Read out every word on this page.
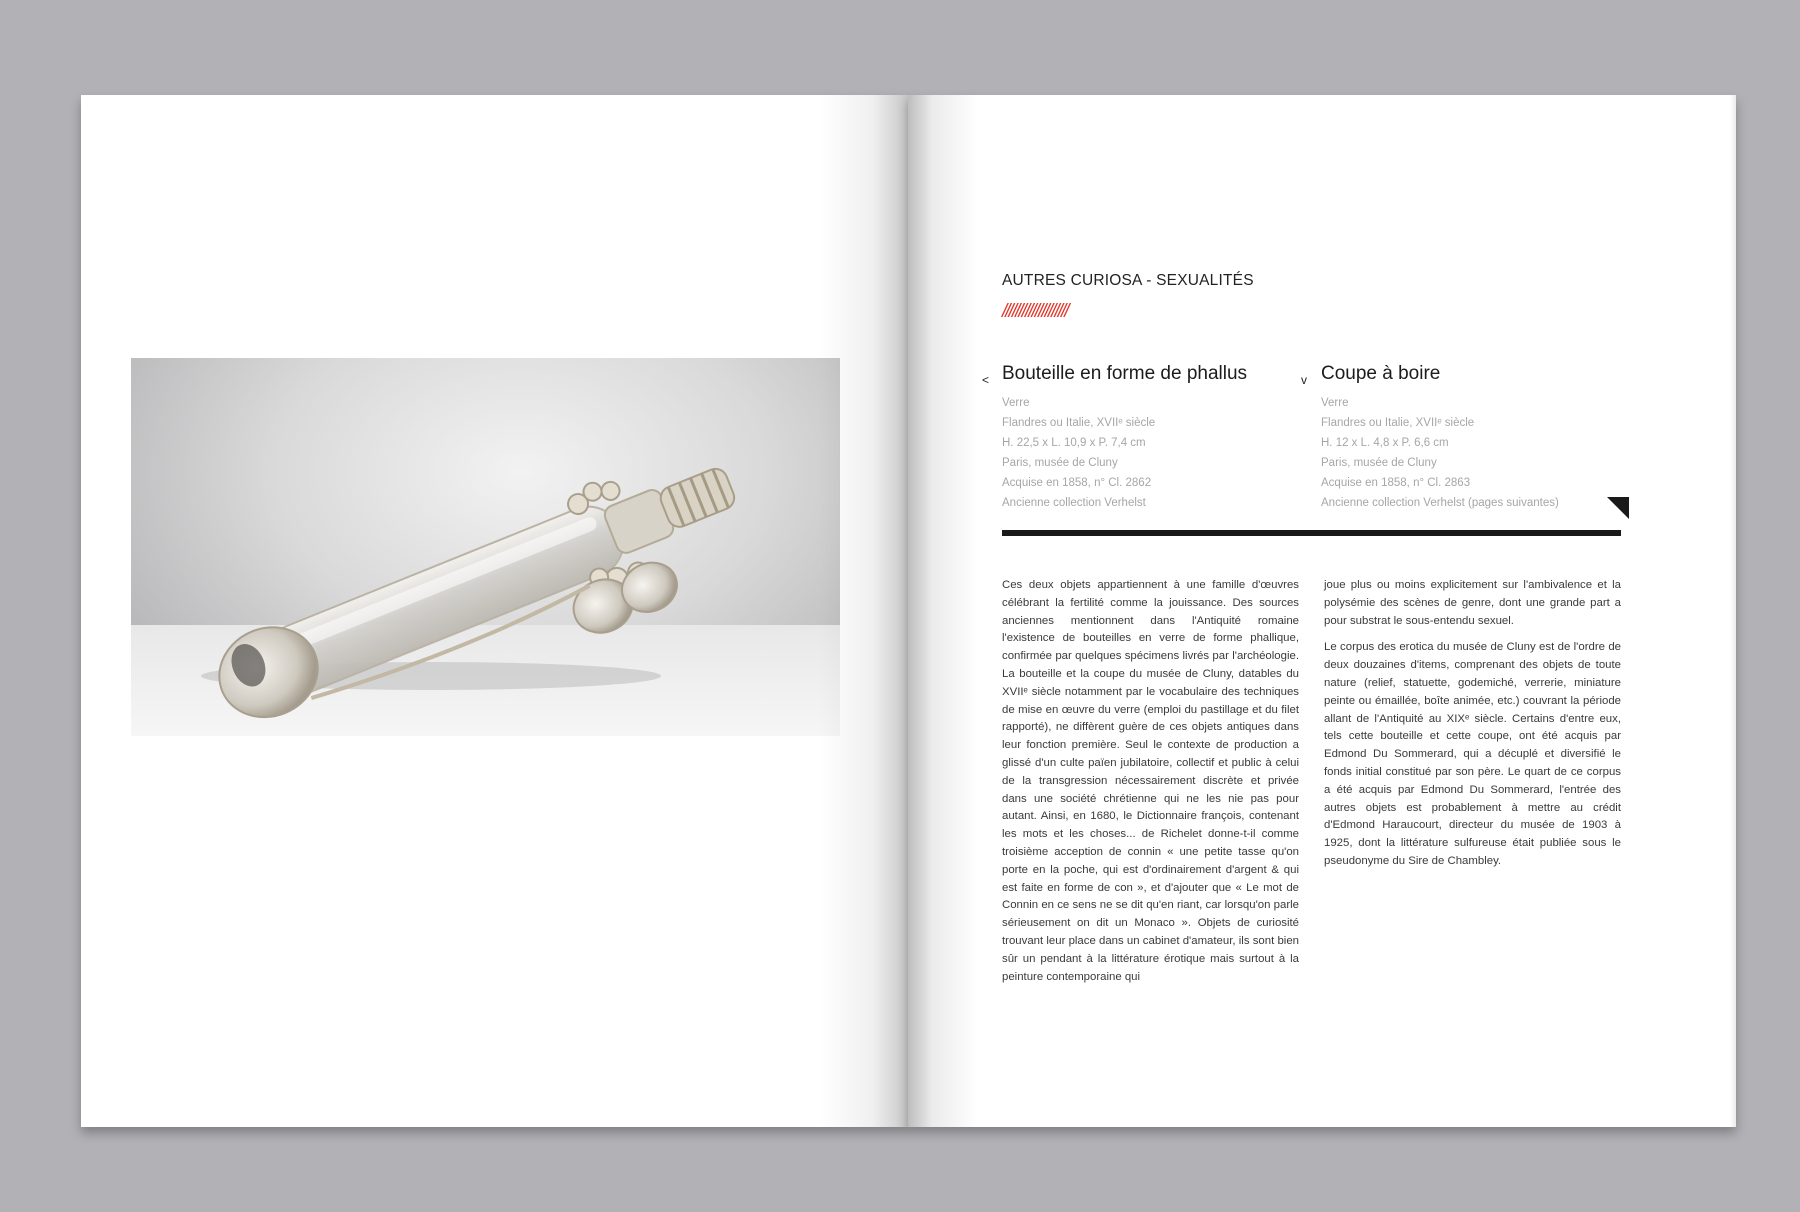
AUTRES CURIOSA - SEXUALITÉS
////////////////////
< Bouteille en forme de phallus
Verre
Flandres ou Italie, XVIIᵉ siècle
H. 22,5 x L. 10,9 x P. 7,4 cm
Paris, musée de Cluny
Acquise en 1858, n° Cl. 2862
Ancienne collection Verhelst
v Coupe à boire
Verre
Flandres ou Italie, XVIIᵉ siècle
H. 12 x L. 4,8 x P. 6,6 cm
Paris, musée de Cluny
Acquise en 1858, n° Cl. 2863
Ancienne collection Verhelst (pages suivantes)

Ces deux objets appartiennent à une famille d'œuvres célébrant la fertilité comme la jouissance. Des sources anciennes mentionnent dans l'Antiquité romaine l'existence de bouteilles en verre de forme phallique, confirmée par quelques spécimens livrés par l'archéologie. La bouteille et la coupe du musée de Cluny, datables du XVIIᵉ siècle notamment par le vocabulaire des techniques de mise en œuvre du verre (emploi du pastillage et du filet rapporté), ne diffèrent guère de ces objets antiques dans leur fonction première. Seul le contexte de production a glissé d'un culte païen jubilatoire, collectif et public à celui de la transgression nécessairement discrète et privée dans une société chrétienne qui ne les nie pas pour autant. Ainsi, en 1680, le Dictionnaire françois, contenant les mots et les choses... de Richelet donne-t-il comme troisième acception de connin « une petite tasse qu'on porte en la poche, qui est d'ordinairement d'argent & qui est faite en forme de con », et d'ajouter que « Le mot de Connin en ce sens ne se dit qu'en riant, car lorsqu'on parle sérieusement on dit un Monaco ». Objets de curiosité trouvant leur place dans un cabinet d'amateur, ils sont bien sûr un pendant à la littérature érotique mais surtout à la peinture contemporaine qui

joue plus ou moins explicitement sur l'ambivalence et la polysémie des scènes de genre, dont une grande part a pour substrat le sous-entendu sexuel.

Le corpus des erotica du musée de Cluny est de l'ordre de deux douzaines d'items, comprenant des objets de toute nature (relief, statuette, godemiché, verrerie, miniature peinte ou émaillée, boîte animée, etc.) couvrant la période allant de l'Antiquité au XIXᵉ siècle. Certains d'entre eux, tels cette bouteille et cette coupe, ont été acquis par Edmond Du Sommerard, qui a décuplé et diversifié le fonds initial constitué par son père. Le quart de ce corpus a été acquis par Edmond Du Sommerard, l'entrée des autres objets est probablement à mettre au crédit d'Edmond Haraucourt, directeur du musée de 1903 à 1925, dont la littérature sulfureuse était publiée sous le pseudonyme du Sire de Chambley.
